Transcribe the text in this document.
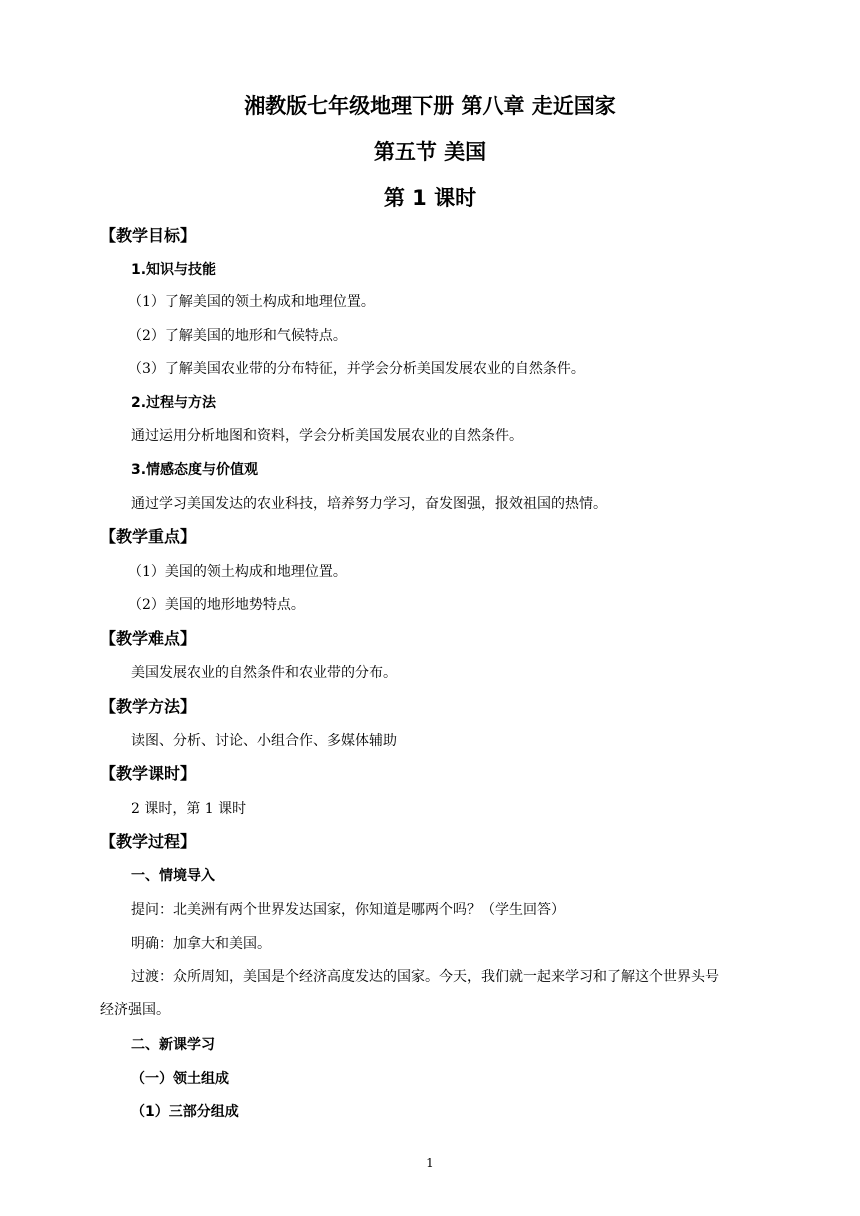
湘教版七年级地理下册 第八章 走近国家
第五节 美国
第 1 课时
【教学目标】
1.知识与技能
（1）了解美国的领土构成和地理位置。
（2）了解美国的地形和气候特点。
（3）了解美国农业带的分布特征，并学会分析美国发展农业的自然条件。
2.过程与方法
通过运用分析地图和资料，学会分析美国发展农业的自然条件。
3.情感态度与价值观
通过学习美国发达的农业科技，培养努力学习，奋发图强，报效祖国的热情。
【教学重点】
（1）美国的领土构成和地理位置。
（2）美国的地形地势特点。
【教学难点】
美国发展农业的自然条件和农业带的分布。
【教学方法】
读图、分析、讨论、小组合作、多媒体辅助
【教学课时】
2 课时，第 1 课时
【教学过程】
一、情境导入
提问：北美洲有两个世界发达国家，你知道是哪两个吗？（学生回答）
明确：加拿大和美国。
过渡：众所周知，美国是个经济高度发达的国家。今天，我们就一起来学习和了解这个世界头号
经济强国。
二、新课学习
（一）领土组成
（1）三部分组成
1
